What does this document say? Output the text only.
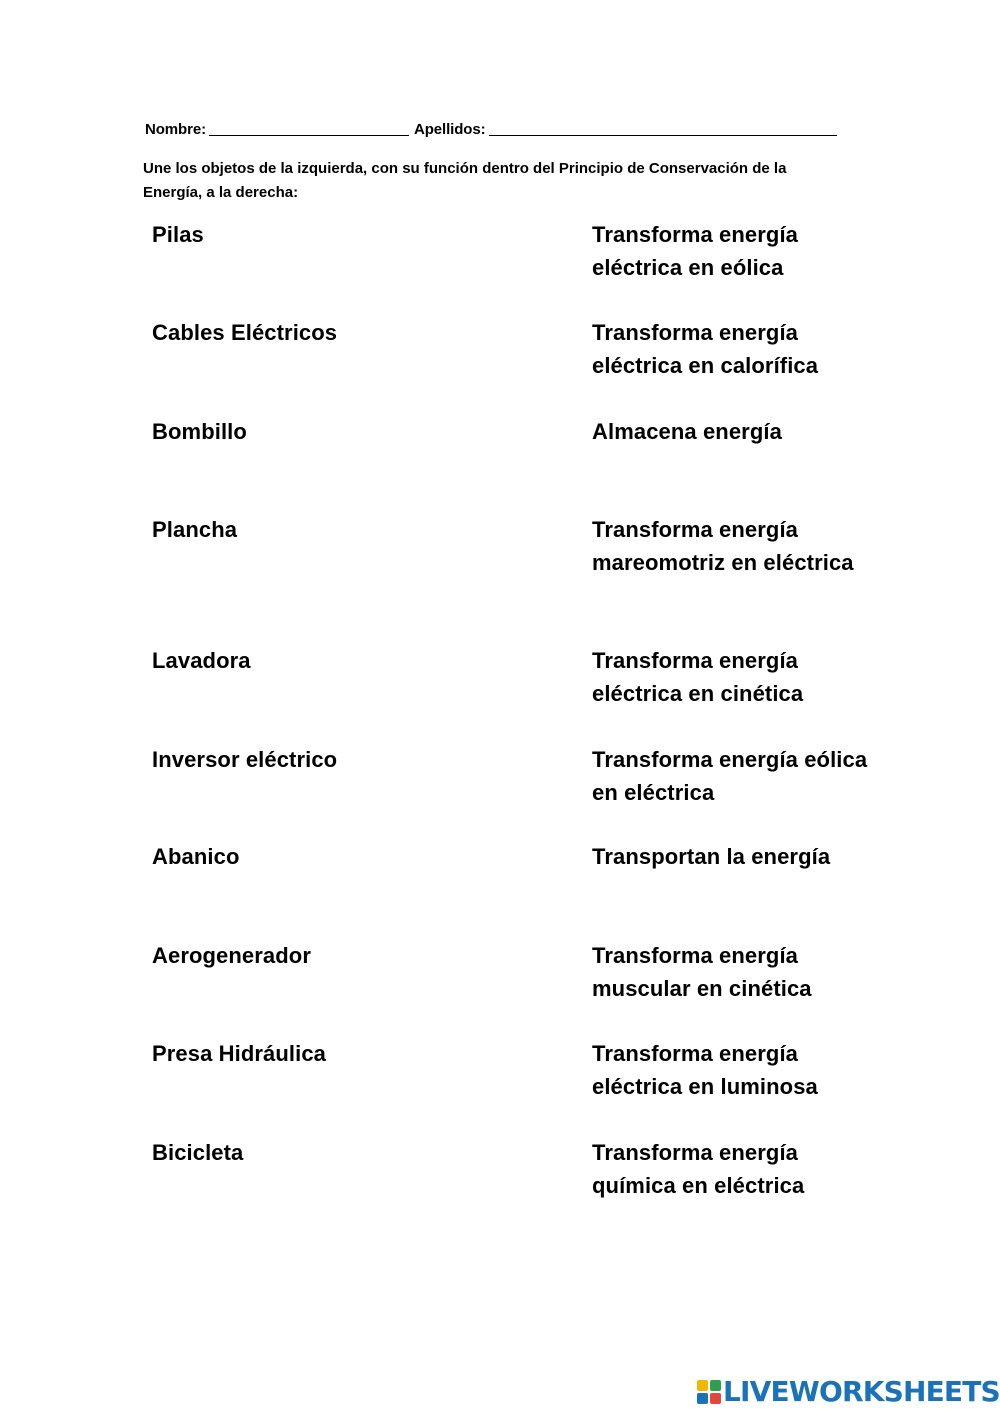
Nombre:	Apellidos:
Une los objetos de la izquierda, con su función dentro del Principio de Conservación de la Energía, a la derecha:
Pilas
Cables Eléctricos
Bombillo
Plancha
Lavadora
Inversor eléctrico
Abanico
Aerogenerador
Presa Hidráulica
Bicicleta
Transforma energía eléctrica en eólica
Transforma energía eléctrica en calorífica
Almacena energía
Transforma energía mareomotriz en eléctrica
Transforma energía eléctrica en cinética
Transforma energía eólica en eléctrica
Transportan la energía
Transforma energía muscular en cinética
Transforma energía eléctrica en luminosa
Transforma energía química en eléctrica
LIVEWORKSHEETS
